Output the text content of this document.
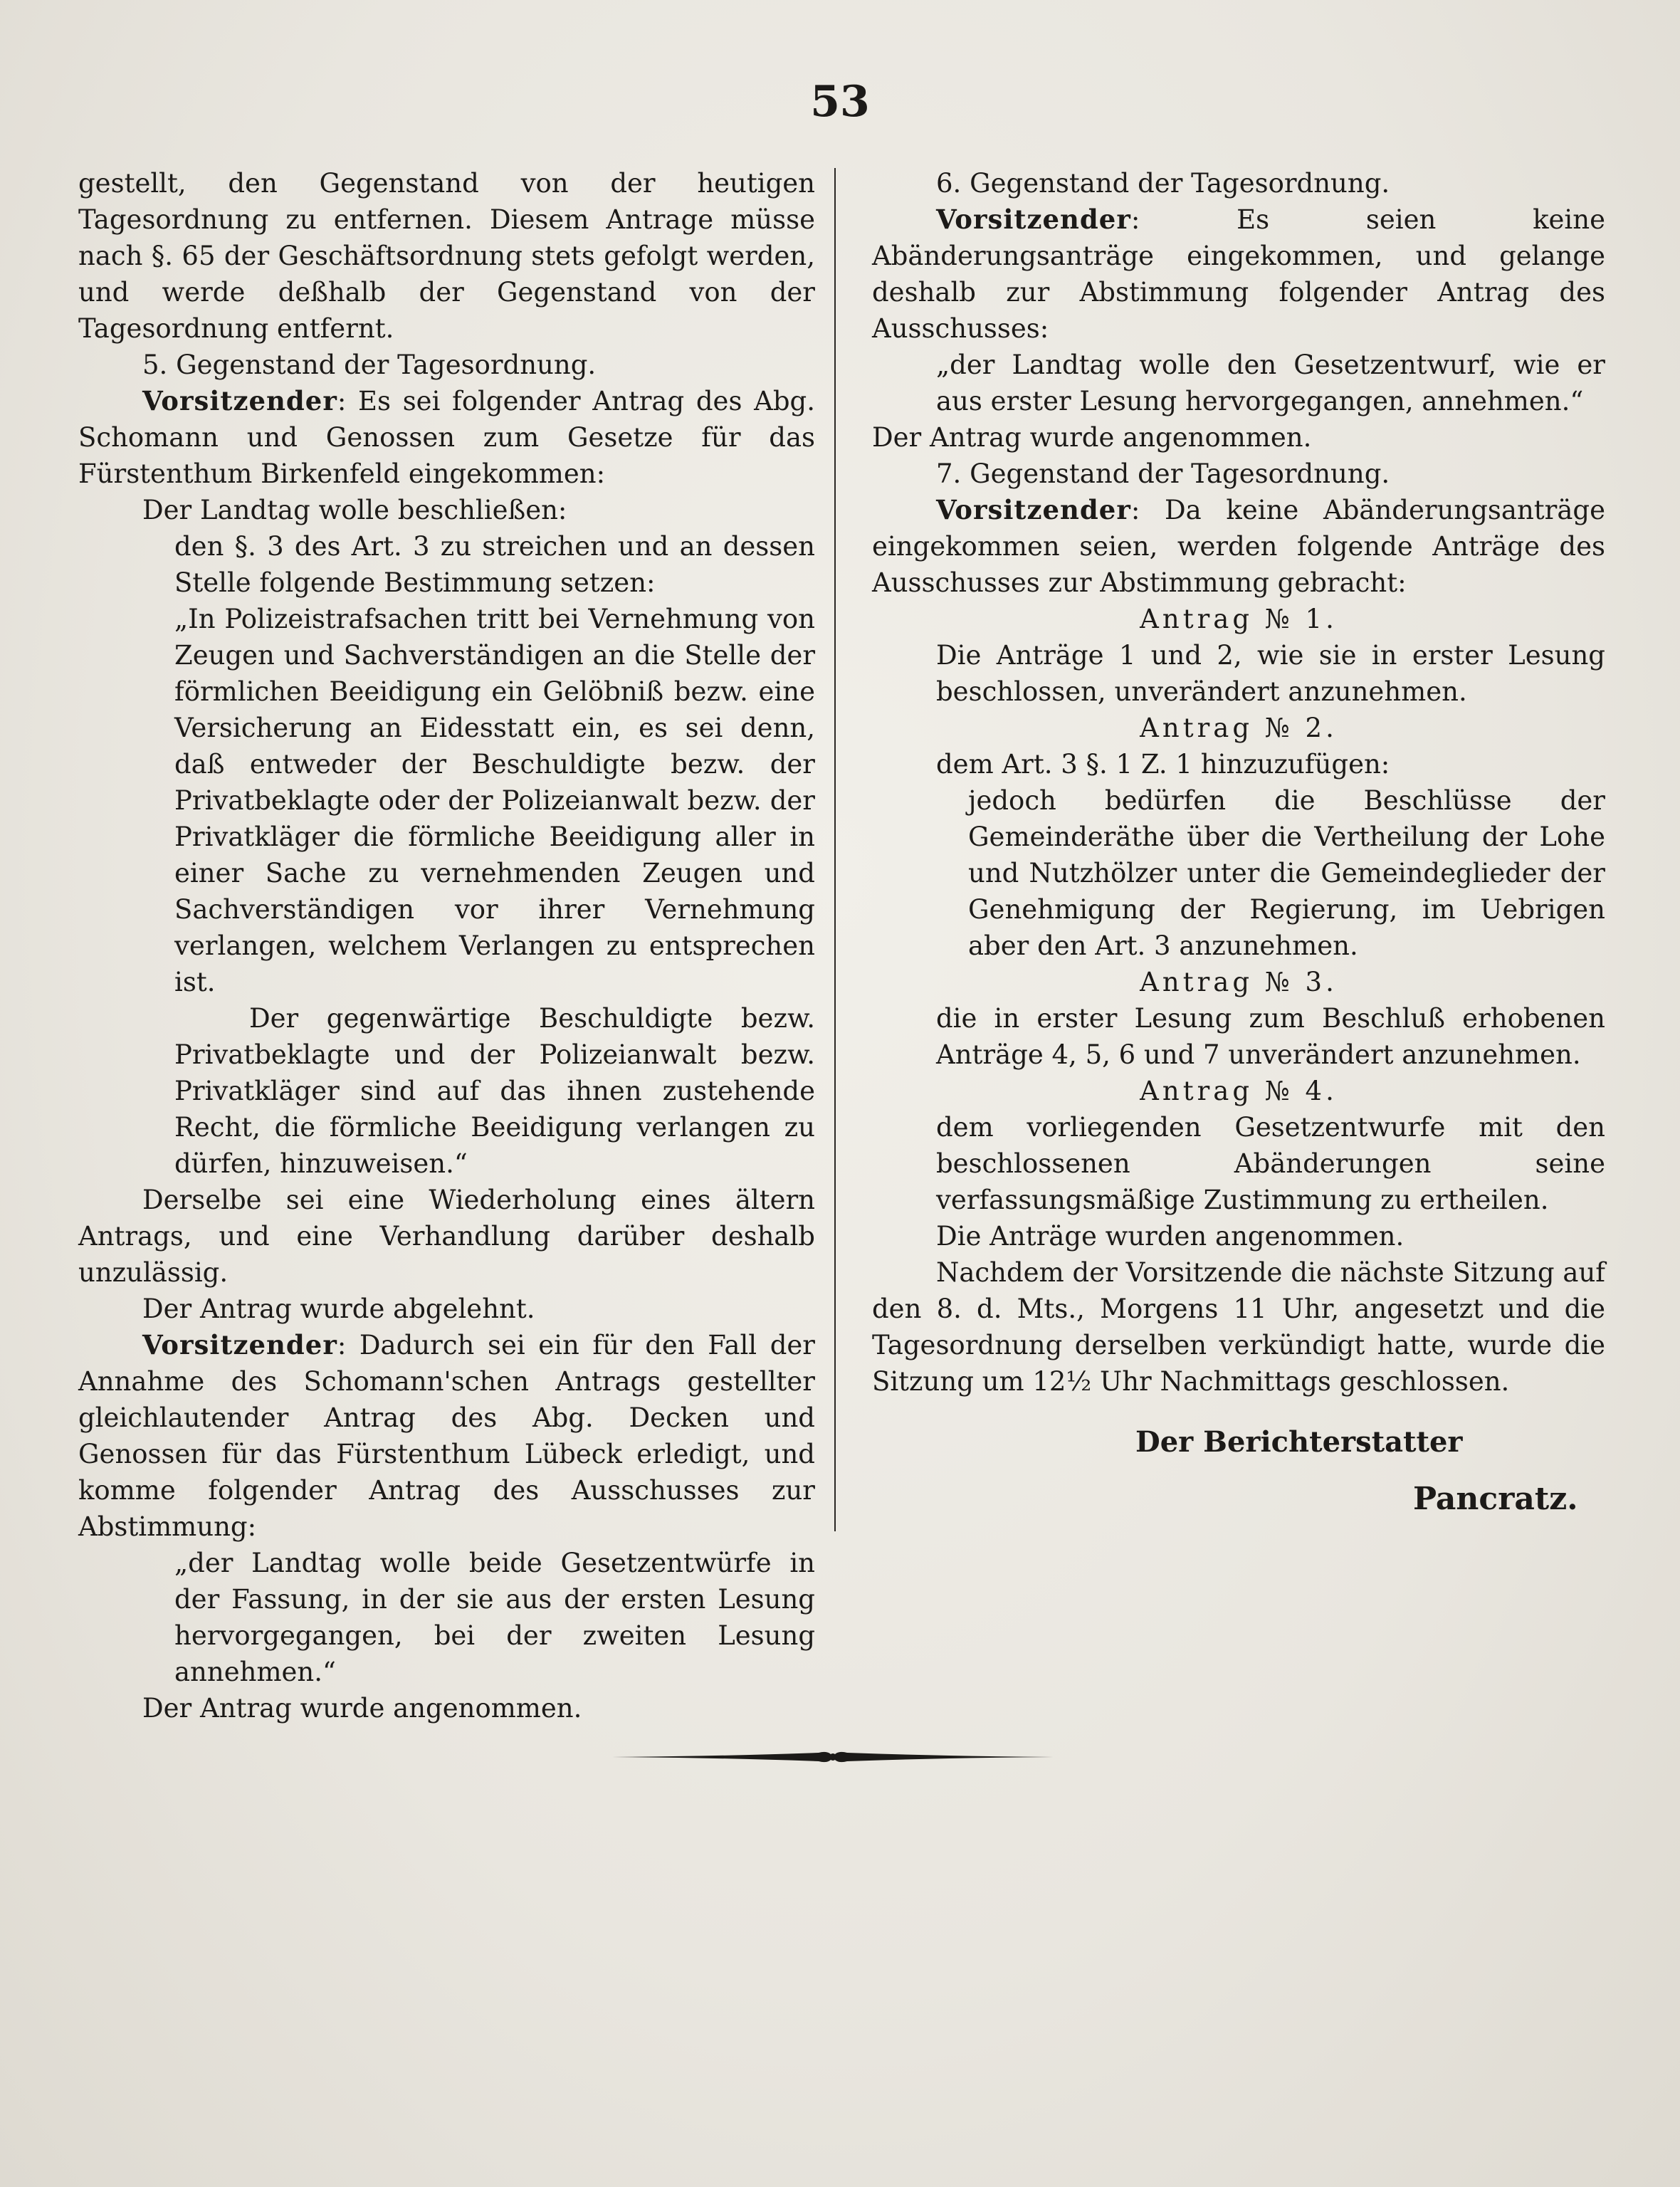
53

gestellt, den Gegenstand von der heutigen Tagesordnung zu entfernen. Diesem Antrage müsse nach §. 65 der Geschäftsordnung stets gefolgt werden, und werde deßhalb der Gegenstand von der Tagesordnung entfernt.

5. Gegenstand der Tagesordnung.

Vorsitzender: Es sei folgender Antrag des Abg. Schomann und Genossen zum Gesetze für das Fürstenthum Birkenfeld eingekommen:

Der Landtag wolle beschließen:

den §. 3 des Art. 3 zu streichen und an dessen Stelle folgende Bestimmung setzen:

„In Polizeistrafsachen tritt bei Vernehmung von Zeugen und Sachverständigen an die Stelle der förmlichen Beeidigung ein Gelöbniß bezw. eine Versicherung an Eidesstatt ein, es sei denn, daß entweder der Beschuldigte bezw. der Privatbeklagte oder der Polizeianwalt bezw. der Privatkläger die förmliche Beeidigung aller in einer Sache zu vernehmenden Zeugen und Sachverständigen vor ihrer Vernehmung verlangen, welchem Verlangen zu entsprechen ist.

Der gegenwärtige Beschuldigte bezw. Privatbeklagte und der Polizeianwalt bezw. Privatkläger sind auf das ihnen zustehende Recht, die förmliche Beeidigung verlangen zu dürfen, hinzuweisen.“

Derselbe sei eine Wiederholung eines ältern Antrags, und eine Verhandlung darüber deshalb unzulässig.

Der Antrag wurde abgelehnt.

Vorsitzender: Dadurch sei ein für den Fall der Annahme des Schomann'schen Antrags gestellter gleichlautender Antrag des Abg. Decken und Genossen für das Fürstenthum Lübeck erledigt, und komme folgender Antrag des Ausschusses zur Abstimmung:

„der Landtag wolle beide Gesetzentwürfe in der Fassung, in der sie aus der ersten Lesung hervorgegangen, bei der zweiten Lesung annehmen.“

Der Antrag wurde angenommen.

6. Gegenstand der Tagesordnung.

Vorsitzender: Es seien keine Abänderungsanträge eingekommen, und gelange deshalb zur Abstimmung folgender Antrag des Ausschusses:

„der Landtag wolle den Gesetzentwurf, wie er aus erster Lesung hervorgegangen, annehmen.“

Der Antrag wurde angenommen.

7. Gegenstand der Tagesordnung.

Vorsitzender: Da keine Abänderungsanträge eingekommen seien, werden folgende Anträge des Ausschusses zur Abstimmung gebracht:

Antrag № 1.

Die Anträge 1 und 2, wie sie in erster Lesung beschlossen, unverändert anzunehmen.

Antrag № 2.

dem Art. 3 §. 1 Z. 1 hinzuzufügen:

jedoch bedürfen die Beschlüsse der Gemeinderäthe über die Vertheilung der Lohe und Nutzhölzer unter die Gemeindeglieder der Genehmigung der Regierung, im Uebrigen aber den Art. 3 anzunehmen.

Antrag № 3.

die in erster Lesung zum Beschluß erhobenen Anträge 4, 5, 6 und 7 unverändert anzunehmen.

Antrag № 4.

dem vorliegenden Gesetzentwurfe mit den beschlossenen Abänderungen seine verfassungsmäßige Zustimmung zu ertheilen.

Die Anträge wurden angenommen.

Nachdem der Vorsitzende die nächste Sitzung auf den 8. d. Mts., Morgens 11 Uhr, angesetzt und die Tagesordnung derselben verkündigt hatte, wurde die Sitzung um 12½ Uhr Nachmittags geschlossen.

Der Berichterstatter
Pancratz.
